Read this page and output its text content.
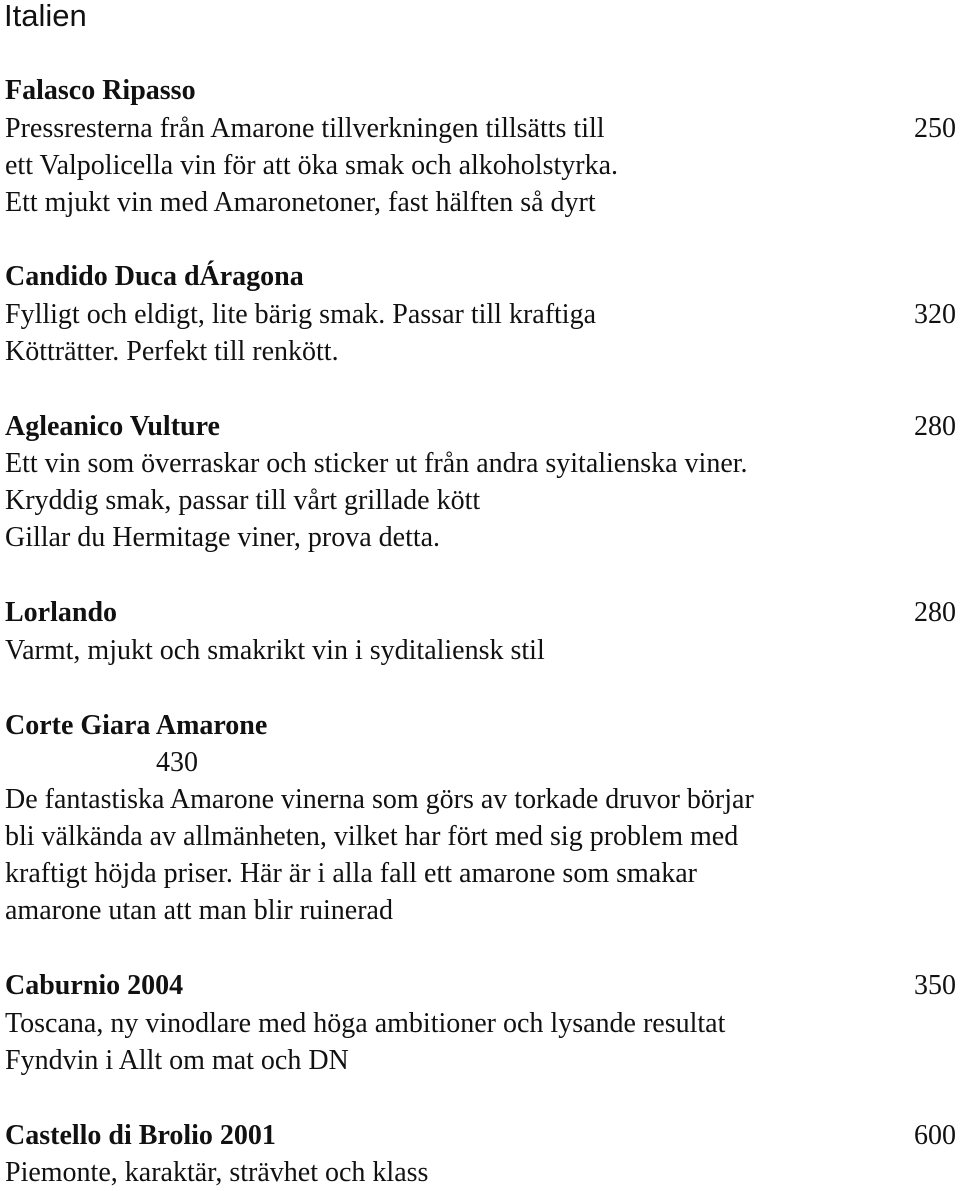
Italien
Falasco Ripasso
Pressresterna från Amarone tillverkningen tillsätts till	250
ett Valpolicella vin för att öka smak och alkoholstyrka.
Ett mjukt vin med Amaronetoner, fast hälften så dyrt
Candido Duca dÁragona
Fylligt och eldigt, lite bärig smak. Passar till kraftiga	320
Kötträtter. Perfekt till renkött.
Agleanico Vulture	280
Ett vin som överraskar och sticker ut från andra syitalienska viner.
Kryddig smak, passar till vårt grillade kött
Gillar du Hermitage viner, prova detta.
Lorlando	280
Varmt, mjukt och smakrikt vin i syditaliensk stil
Corte Giara Amarone
430
De fantastiska Amarone vinerna som görs av torkade druvor börjar
bli välkända av allmänheten, vilket har fört med sig problem med
kraftigt höjda priser. Här är i alla fall ett amarone som smakar
amarone utan att man blir ruinerad
Caburnio 2004	350
Toscana, ny vinodlare med höga ambitioner och lysande resultat
Fyndvin i Allt om mat och DN
Castello di Brolio 2001	600
Piemonte, karaktär, strävhet och klass
